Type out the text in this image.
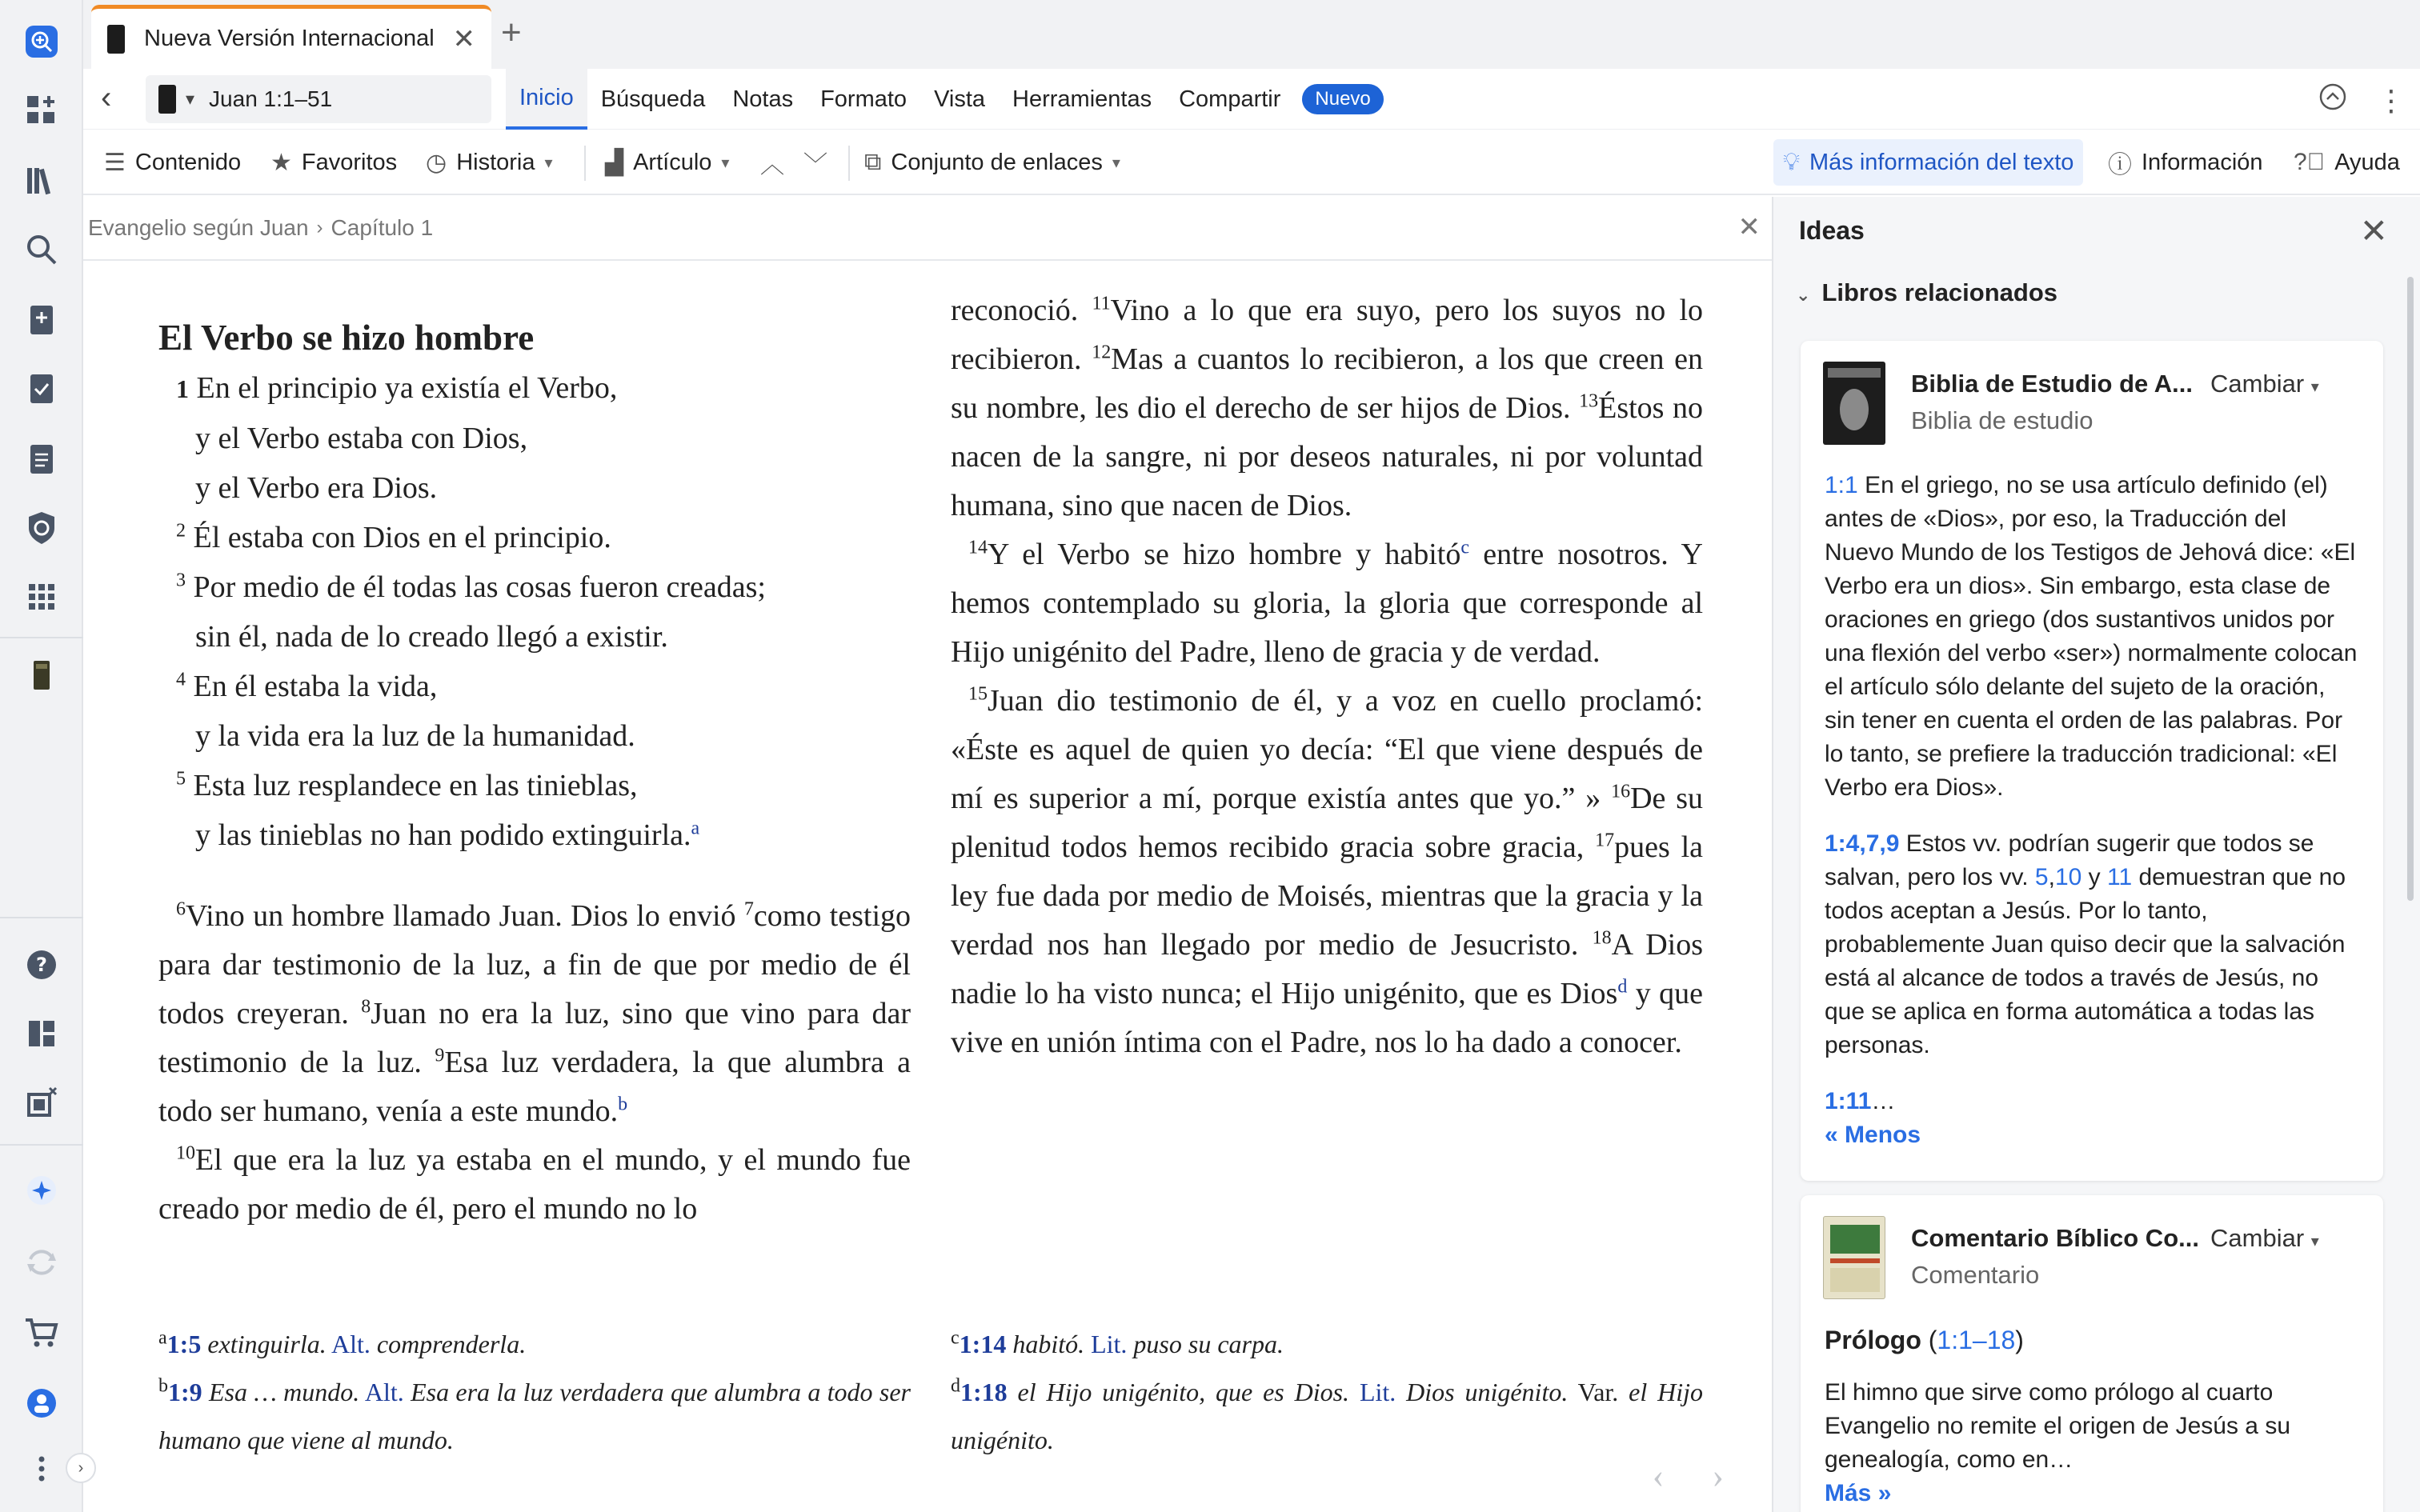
?
›
Nueva Versión Internacional ✕ +
‹	▾ Juan 1:1–51	Inicio	Búsqueda	Notas	Formato	Vista	Herramientas	Compartir	Nuevo	⋮
☰ Contenido ★ Favoritos ◷ Historia ▾ ▟ Artículo ▾ ︿ ﹀ ⧉ Conjunto de enlaces ▾	💡︎ Más información del texto ⓘ Información ?⃝ Ayuda
Evangelio según Juan › Capítulo 1	✕
El Verbo se hizo hombre
1 En el principio ya existía el Verbo,
y el Verbo estaba con Dios,
y el Verbo era Dios.
$^2$ Él estaba con Dios en el principio.
$^3$ Por medio de él todas las cosas fueron creadas;
sin él, nada de lo creado llegó a existir.
$^4$ En él estaba la vida,
y la vida era la luz de la humanidad.
$^5$ Esta luz resplandece en las tinieblas,
y las tinieblas no han podido extinguirla.$^a$

$^6$Vino un hombre llamado Juan. Dios lo envió $^7$como testigo para dar testimonio de la luz, a fin de que por medio de él todos creyeran. $^8$Juan no era la luz, sino que vino para dar testimonio de la luz. $^9$Esa luz verdadera, la que alumbra a todo ser humano, venía a este mundo.$^b$

$^{10}$El que era la luz ya estaba en el mundo, y el mundo fue creado por medio de él, pero el mundo no lo

reconoció. $^{11}$Vino a lo que era suyo, pero los suyos no lo recibieron. $^{12}$Mas a cuantos lo recibieron, a los que creen en su nombre, les dio el derecho de ser hijos de Dios. $^{13}$Éstos no nacen de la sangre, ni por deseos naturales, ni por voluntad humana, sino que nacen de Dios.

$^{14}$Y el Verbo se hizo hombre y habitó$^c$ entre nosotros. Y hemos contemplado su gloria, la gloria que corresponde al Hijo unigénito del Padre, lleno de gracia y de verdad.

$^{15}$Juan dio testimonio de él, y a voz en cuello proclamó: «Éste es aquel de quien yo decía: “El que viene después de mí es superior a mí, porque existía antes que yo.” » $^{16}$De su plenitud todos hemos recibido gracia sobre gracia, $^{17}$pues la ley fue dada por medio de Moisés, mientras que la gracia y la verdad nos han llegado por medio de Jesucristo. $^{18}$A Dios nadie lo ha visto nunca; el Hijo unigénito, que es Dios$^d$ y que vive en unión íntima con el Padre, nos lo ha dado a conocer.

$^a$1:5 extinguirla. Alt. comprenderla.
$^b$1:9 Esa … mundo. Alt. Esa era la luz verdadera que alumbra a todo ser humano que viene al mundo.
$^c$1:14 habitó. Lit. puso su carpa.
$^d$1:18 el Hijo unigénito, que es Dios. Lit. Dios unigénito. Var. el Hijo unigénito.
‹ ›
Ideas	✕
⌄ Libros relacionados
Biblia de Estudio de A...
Biblia de estudio
Cambiar ▾

1:1 En el griego, no se usa artículo definido (el) antes de «Dios», por eso, la Traducción del Nuevo Mundo de los Testigos de Jehová dice: «El Verbo era un dios». Sin embargo, esta clase de oraciones en griego (dos sustantivos unidos por una flexión del verbo «ser») normalmente colocan el artículo sólo delante del sujeto de la oración, sin tener en cuenta el orden de las palabras. Por lo tanto, se prefiere la traducción tradicional: «El Verbo era Dios».

1:4,7,9 Estos vv. podrían sugerir que todos se salvan, pero los vv. 5,10 y 11 demuestran que no todos aceptan a Jesús. Por lo tanto, probablemente Juan quiso decir que la salvación está al alcance de todos a través de Jesús, no que se aplica en forma automática a todas las personas.

1:11…

« Menos

Comentario Bíblico Co...
Comentario
Cambiar ▾

Prólogo (1:1–18)

El himno que sirve como prólogo al cuarto Evangelio no remite el origen de Jesús a su genealogía, como en…

Más »
